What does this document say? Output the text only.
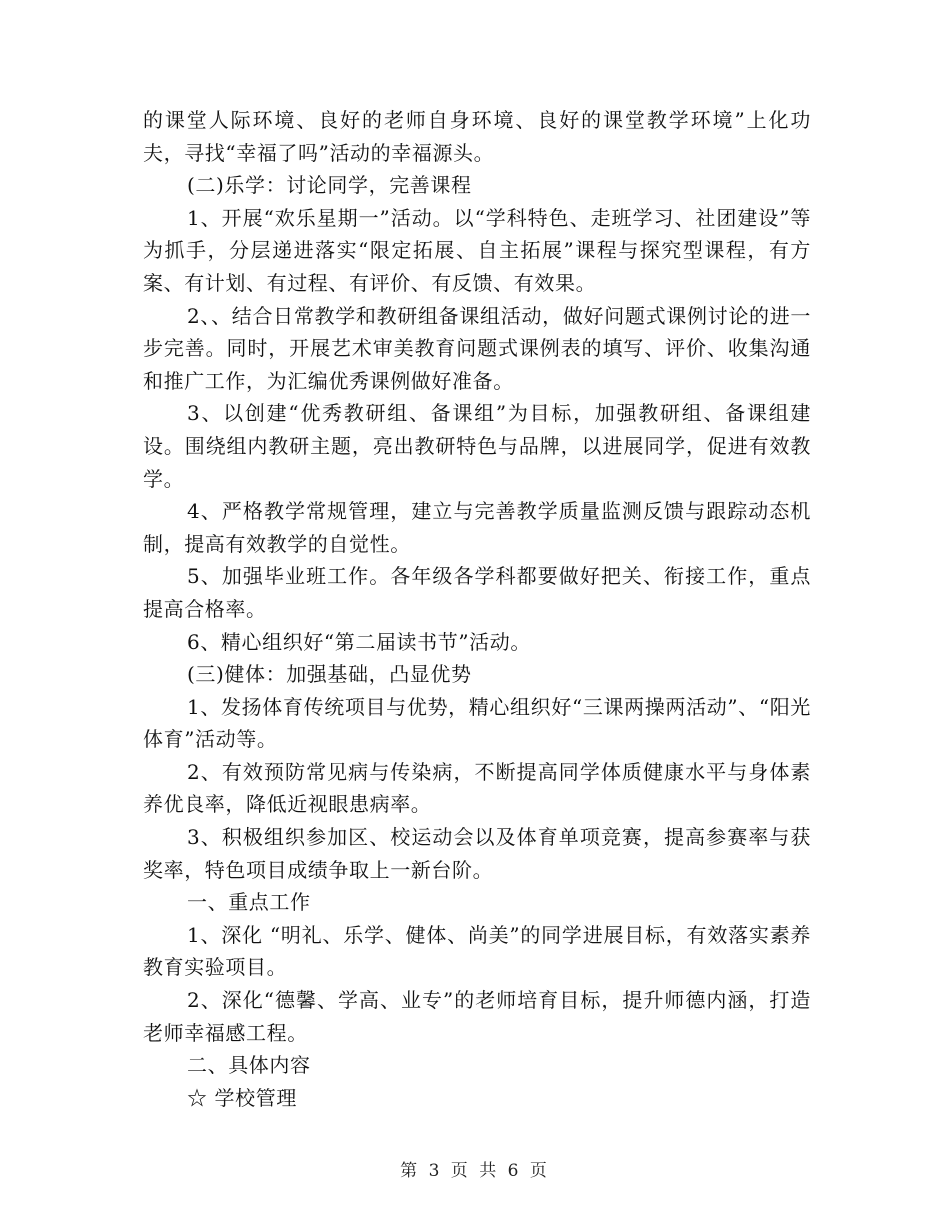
的课堂人际环境、良好的老师自身环境、良好的课堂教学环境”上化功夫，寻找“幸福了吗”活动的幸福源头。

(二)乐学：讨论同学，完善课程

1、开展“欢乐星期一”活动。以“学科特色、走班学习、社团建设”等为抓手，分层递进落实“限定拓展、自主拓展”课程与探究型课程，有方案、有计划、有过程、有评价、有反馈、有效果。

2、、结合日常教学和教研组备课组活动，做好问题式课例讨论的进一步完善。同时，开展艺术审美教育问题式课例表的填写、评价、收集沟通和推广工作，为汇编优秀课例做好准备。

3、以创建“优秀教研组、备课组”为目标，加强教研组、备课组建设。围绕组内教研主题，亮出教研特色与品牌，以进展同学，促进有效教学。

4、严格教学常规管理，建立与完善教学质量监测反馈与跟踪动态机制，提高有效教学的自觉性。

5、加强毕业班工作。各年级各学科都要做好把关、衔接工作，重点提高合格率。

6、精心组织好“第二届读书节”活动。

(三)健体：加强基础，凸显优势

1、发扬体育传统项目与优势，精心组织好“三课两操两活动”、“阳光体育”活动等。

2、有效预防常见病与传染病，不断提高同学体质健康水平与身体素养优良率，降低近视眼患病率。

3、积极组织参加区、校运动会以及体育单项竞赛，提高参赛率与获奖率，特色项目成绩争取上一新台阶。

一、重点工作

1、深化 “明礼、乐学、健体、尚美”的同学进展目标，有效落实素养教育实验项目。

2、深化“德馨、学高、业专”的老师培育目标，提升师德内涵，打造老师幸福感工程。

二、具体内容

☆ 学校管理

第 3 页 共 6 页
